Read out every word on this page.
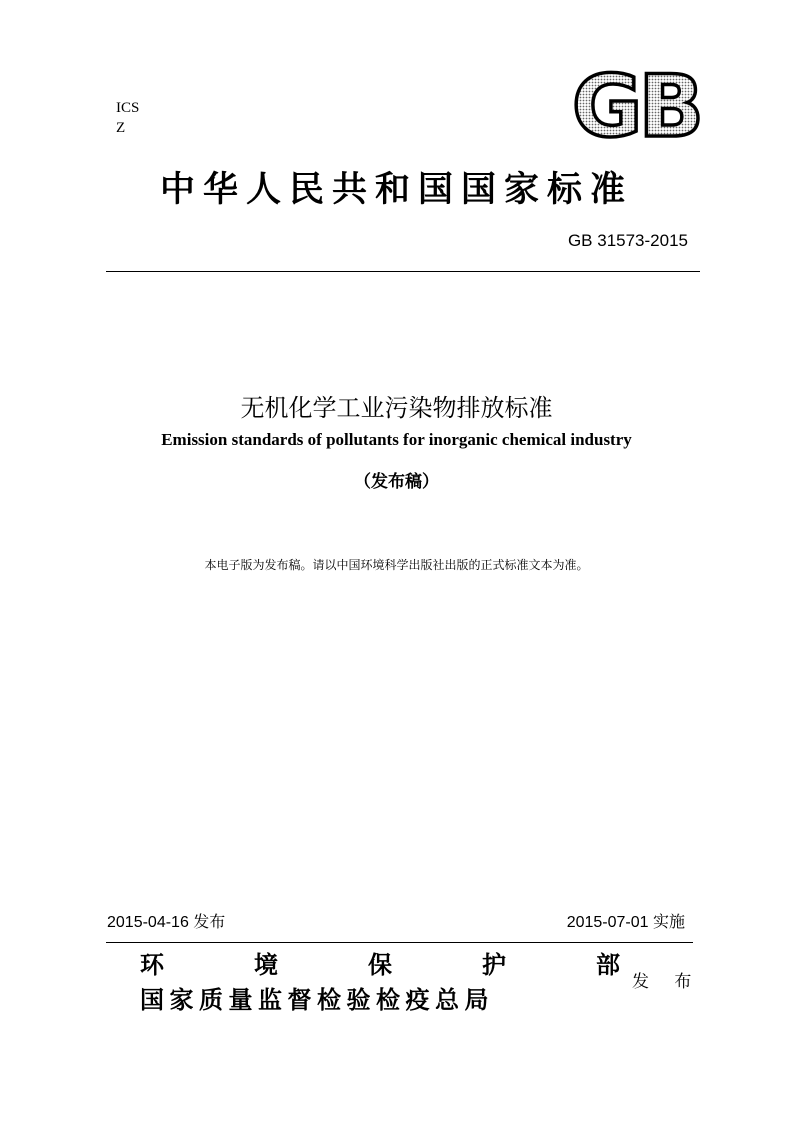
ICS
Z	GB
中华人民共和国国家标准
GB 31573-2015
无机化学工业污染物排放标准
Emission standards of pollutants for inorganic chemical industry
（发布稿）
本电子版为发布稿。请以中国环境科学出版社出版的正式标准文本为准。
2015-04-16 发布	2015-07-01 实施
环	境	保	护	部
国家质量监督检验检疫总局
发 布
